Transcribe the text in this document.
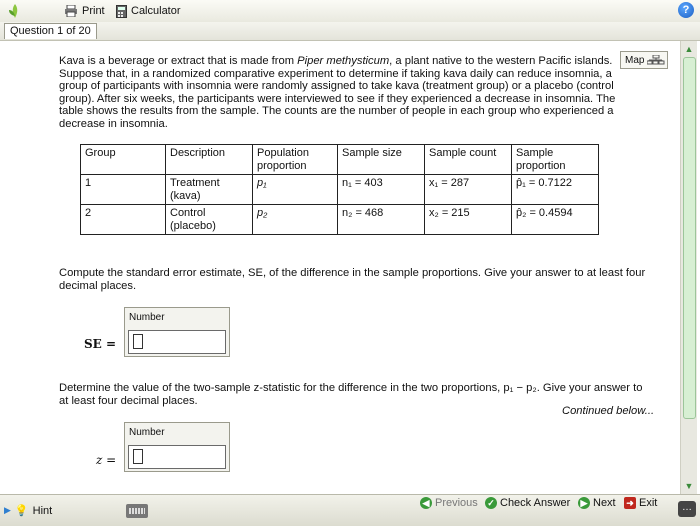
Print Calculator	?
Question 1 of 20
Map
Kava is a beverage or extract that is made from Piper methysticum, a plant native to the western Pacific islands. Suppose that, in a randomized comparative experiment to determine if taking kava daily can reduce insomnia, a group of participants with insomnia were randomly assigned to take kava (treatment group) or a placebo (control group). After six weeks, the participants were interviewed to see if they experienced a decrease in insomnia. The table shows the results from the sample. The counts are the number of people in each group who experienced a decrease in insomnia.
Group	Description	Population proportion	Sample size	Sample count	Sample proportion
1	Treatment (kava)	p₁	n₁ = 403	x₁ = 287	p̂₁ = 0.7122
2	Control (placebo)	p₂	n₂ = 468	x₂ = 215	p̂₂ = 0.4594
Compute the standard error estimate, SE, of the difference in the sample proportions. Give your answer to at least four decimal places.
Number
SE =
Determine the value of the two-sample z-statistic for the difference in the two proportions, p₁ − p₂. Give your answer to at least four decimal places.
Continued below...
Number
z =
▲
▼
▶ 💡 Hint
◀ Previous ✓ Check Answer ▶ Next ➜ Exit	…
